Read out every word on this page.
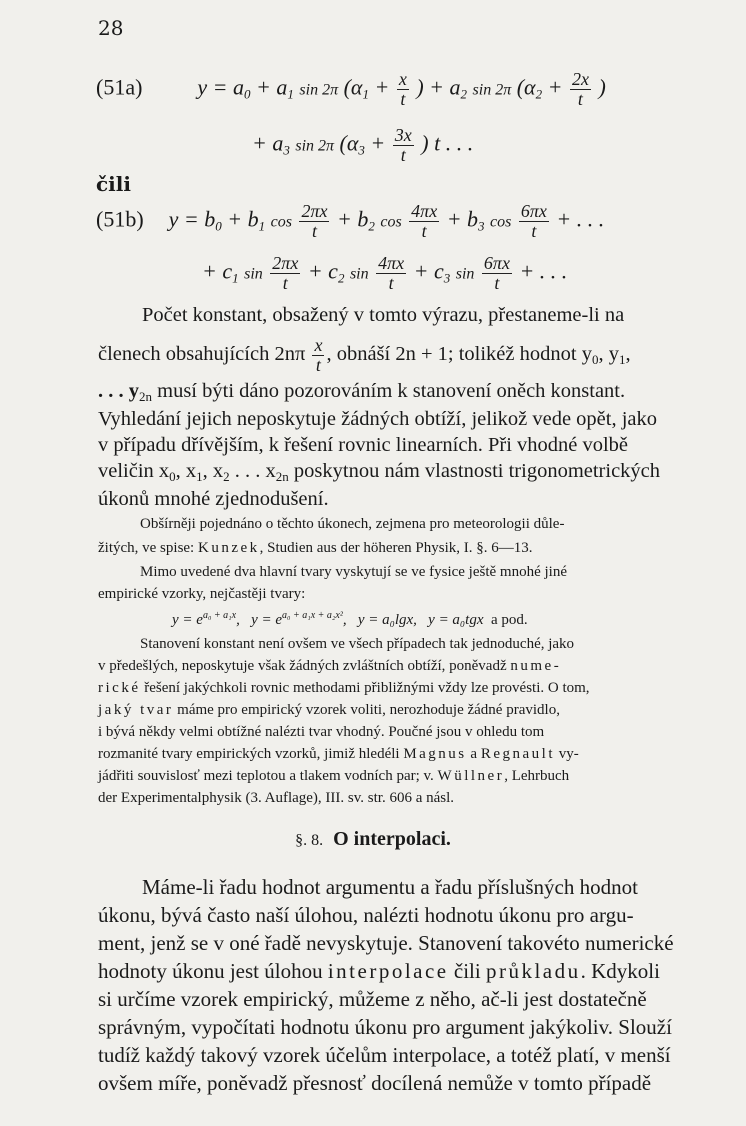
28
(51a)	$y = a_0 + a_1$ sin 2π ($\alpha_1 + \frac{x}{t}$ ) + $a_2$ sin 2π ($\alpha_2 + \frac{2x}{t}$ )
+ $a_3$ sin 2π ($\alpha_3 + \frac{3x}{t}$ ) t . . .
čili
(51b) $y = b_0 + b_1$ $\cos \frac{2\pi x}{t} + b_2$ $\cos \frac{4\pi x}{t} + b_3$ $\cos \frac{6\pi x}{t}$ + . . .
+ $c_1$ $\sin \frac{2\pi x}{t} + c_2$ $\sin \frac{4\pi x}{t} + c_3$ $\sin \frac{6\pi x}{t}$ + . . .
Počet konstant, obsažený v tomto výrazu, přestaneme-li na
členech obsahujících $2n\pi \frac{x}{t}$ , obnáší 2n + 1; tolikéž hodnot $y_0$, $y_1$,
. . . $y_{2n}$ musí býti dáno pozorováním k stanovení oněch konstant.
Vyhledání jejich neposkytuje žádných obtíží, jelikož vede opět, jako
v případu dřívějším, k řešení rovnic linearních. Při vhodné volbě
veličin $x_0$, $x_1$, $x_2$ . . . $x_{2n}$ poskytnou nám vlastnosti trigonometrických
úkonů mnohé zjednodušení.
Obšírněji pojednáno o těchto úkonech, zejmena pro meteorologii důle-
žitých, ve spise: Kunzek, Studien aus der höheren Physik, I. §. 6—13.
Mimo uvedené dva hlavní tvary vyskytují se ve fysice ještě mnohé jiné
empirické vzorky, nejčastěji tvary:
$y = e^{a_0 + a_1x}$,   $y = e^{a_0 + a_1x + a_2x^2}$,   y = a₀lgx, y = a₀tgx a pod.
Stanovení konstant není ovšem ve všech případech tak jednoduché, jako
v předešlých, neposkytuje však žádných zvláštních obtíží, poněvadž nume-
rické řešení jakýchkoli rovnic methodami přibližnými vždy lze provésti. O tom,
jaký tvar máme pro empirický vzorek voliti, nerozhoduje žádné pravidlo,
i bývá někdy velmi obtížné nalézti tvar vhodný. Poučné jsou v ohledu tom
rozmanité tvary empirických vzorků, jimiž hledéli Magnus a Regnault vy-
jádřiti souvislosť mezi teplotou a tlakem vodních par; v. Wüllner, Lehrbuch
der Experimentalphysik (3. Auflage), III. sv. str. 606 a násl.
§. 8. O interpolaci.
Máme-li řadu hodnot argumentu a řadu příslušných hodnot
úkonu, bývá často naší úlohou, nalézti hodnotu úkonu pro argu-
ment, jenž se v oné řadě nevyskytuje. Stanovení takovéto numerické
hodnoty úkonu jest úlohou interpolace čili průkladu. Kdykoli
si určíme vzorek empirický, můžeme z něho, ač-li jest dostatečně
správným, vypočítati hodnotu úkonu pro argument jakýkoliv. Slouží
tudíž každý takový vzorek účelům interpolace, a totéž platí, v menší
ovšem míře, poněvadž přesnosť docílená nemůže v tomto případě
